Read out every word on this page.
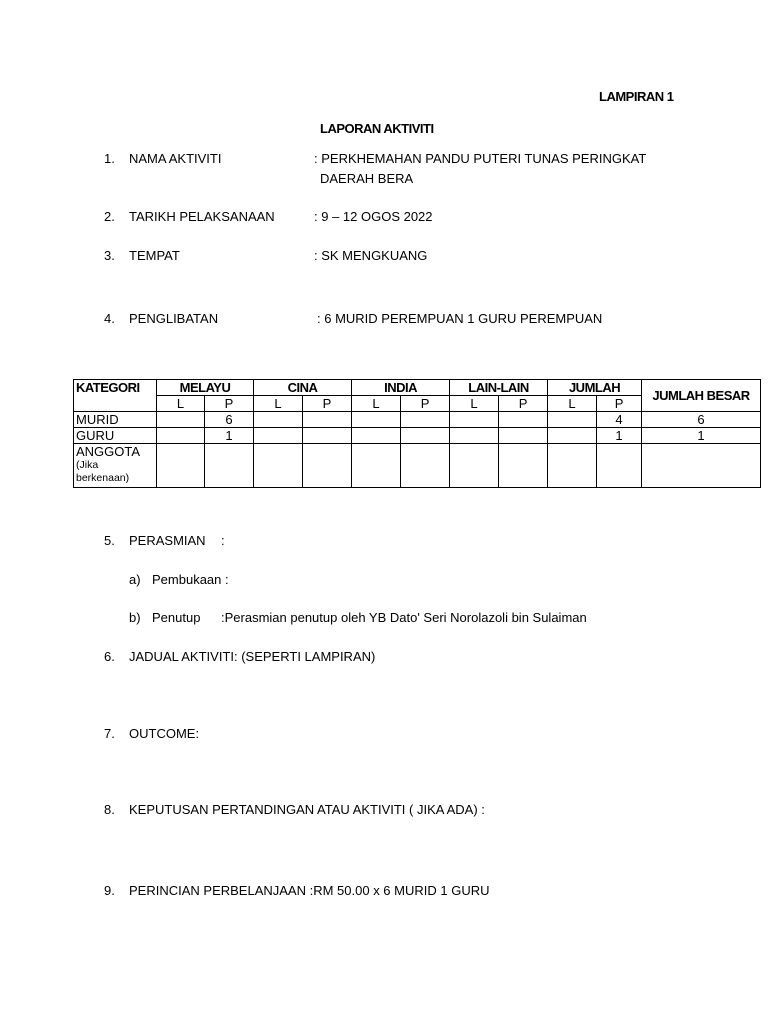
LAMPIRAN 1
LAPORAN AKTIVITI
1. NAMA AKTIVITI	: PERKHEMAHAN PANDU PUTERI TUNAS PERINGKAT
DAERAH BERA
2. TARIKH PELAKSANAAN	: 9 – 12 OGOS 2022
3. TEMPAT	: SK MENGKUANG
4. PENGLIBATAN	: 6 MURID PEREMPUAN 1 GURU PEREMPUAN
KATEGORI	MELAYU		CINA		INDIA		LAIN-LAIN		JUMLAH		JUMLAH BESAR
	L	P	L	P	L	P	L	P	L	P	
MURID		6								4	6
GURU		1								1	1
ANGGOTA
(Jika berkenaan)											

5. PERASMIAN :
a) Pembukaan :
b) Penutup :Perasmian penutup oleh YB Dato' Seri Norolazoli bin Sulaiman
6. JADUAL AKTIVITI: (SEPERTI LAMPIRAN)
7. OUTCOME:
8. KEPUTUSAN PERTANDINGAN ATAU AKTIVITI ( JIKA ADA) :
9. PERINCIAN PERBELANJAAN :RM 50.00 x 6 MURID 1 GURU
